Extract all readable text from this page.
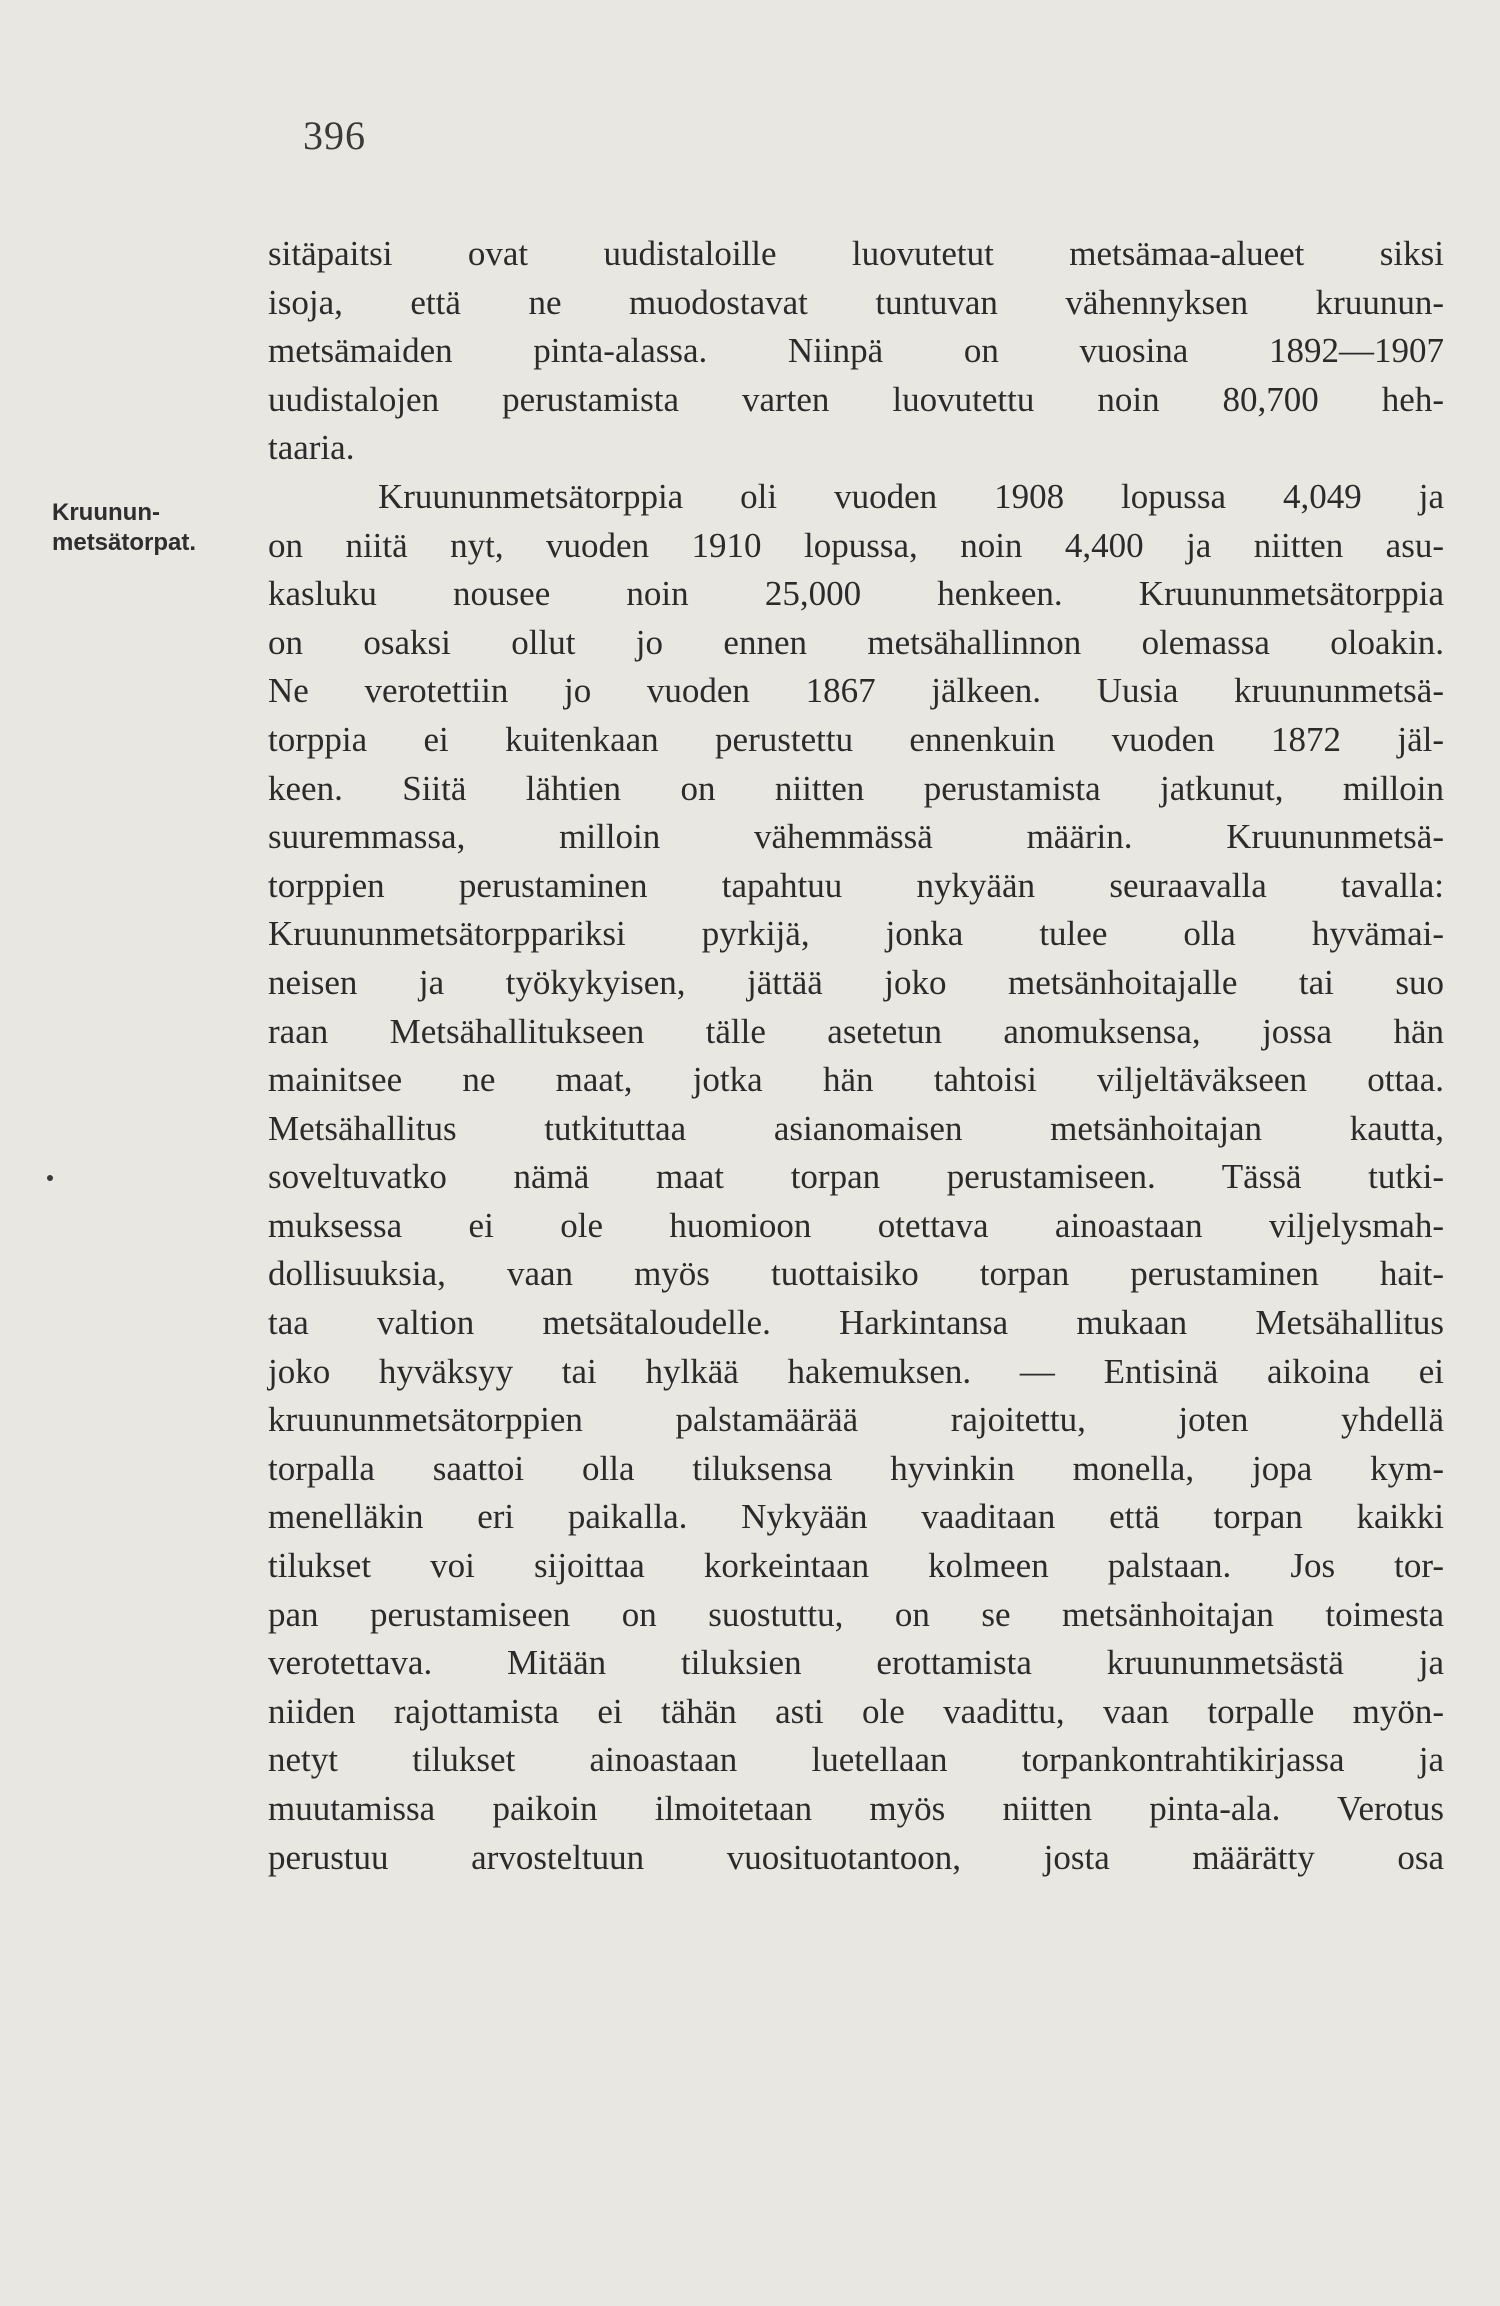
396
Kruunun-
metsätorpat.
sitäpaitsi ovat uudistaloille luovutetut metsämaa-alueet siksi
isoja, että ne muodostavat tuntuvan vähennyksen kruunun-
metsämaiden pinta-alassa. Niinpä on vuosina 1892—1907
uudistalojen perustamista varten luovutettu noin 80,700 heh-
taaria.
Kruununmetsätorppia oli vuoden 1908 lopussa 4,049 ja
on niitä nyt, vuoden 1910 lopussa, noin 4,400 ja niitten asu-
kasluku nousee noin 25,000 henkeen. Kruununmetsätorppia
on osaksi ollut jo ennen metsähallinnon olemassa oloakin.
Ne verotettiin jo vuoden 1867 jälkeen. Uusia kruununmetsä-
torppia ei kuitenkaan perustettu ennenkuin vuoden 1872 jäl-
keen. Siitä lähtien on niitten perustamista jatkunut, milloin
suuremmassa, milloin vähemmässä määrin. Kruununmetsä-
torppien perustaminen tapahtuu nykyään seuraavalla tavalla:
Kruununmetsätorppariksi pyrkijä, jonka tulee olla hyvämai-
neisen ja työkykyisen, jättää joko metsänhoitajalle tai suo
raan Metsähallitukseen tälle asetetun anomuksensa, jossa hän
mainitsee ne maat, jotka hän tahtoisi viljeltäväkseen ottaa.
Metsähallitus tutkituttaa asianomaisen metsänhoitajan kautta,
soveltuvatko nämä maat torpan perustamiseen. Tässä tutki-
muksessa ei ole huomioon otettava ainoastaan viljelysmah-
dollisuuksia, vaan myös tuottaisiko torpan perustaminen hait-
taa valtion metsätaloudelle. Harkintansa mukaan Metsähallitus
joko hyväksyy tai hylkää hakemuksen. — Entisinä aikoina ei
kruununmetsätorppien palstamäärää rajoitettu, joten yhdellä
torpalla saattoi olla tiluksensa hyvinkin monella, jopa kym-
menelläkin eri paikalla. Nykyään vaaditaan että torpan kaikki
tilukset voi sijoittaa korkeintaan kolmeen palstaan. Jos tor-
pan perustamiseen on suostuttu, on se metsänhoitajan toimesta
verotettava. Mitään tiluksien erottamista kruununmetsästä ja
niiden rajottamista ei tähän asti ole vaadittu, vaan torpalle myön-
netyt tilukset ainoastaan luetellaan torpankontrahtikirjassa ja
muutamissa paikoin ilmoitetaan myös niitten pinta-ala. Verotus
perustuu arvosteltuun vuosituotantoon, josta määrätty osa
